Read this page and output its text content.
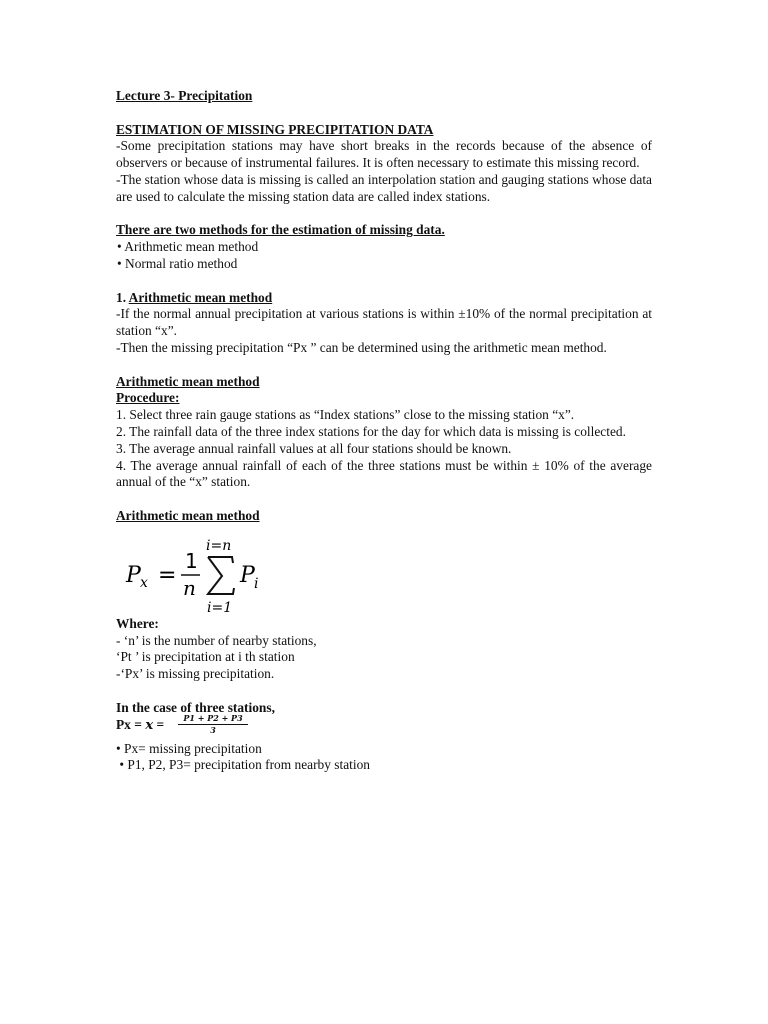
Lecture 3- Precipitation

ESTIMATION OF MISSING PRECIPITATION DATA

-Some precipitation stations may have short breaks in the records because of the absence of observers or because of instrumental failures. It is often necessary to estimate this missing record.

-The station whose data is missing is called an interpolation station and gauging stations whose data are used to calculate the missing station data are called index stations.

There are two methods for the estimation of missing data.

• Arithmetic mean method

• Normal ratio method

1. Arithmetic mean method

-If the normal annual precipitation at various stations is within ±10% of the normal precipitation at station “x”.

-Then the missing precipitation “Px ” can be determined using the arithmetic mean method.

Arithmetic mean method

Procedure:

1. Select three rain gauge stations as “Index stations” close to the missing station “x”.

2. The rainfall data of the three index stations for the day for which data is missing is collected.

3. The average annual rainfall values at all four stations should be known.

4. The average annual rainfall of each of the three stations must be within ± 10% of the average annual of the “x” station.

Arithmetic mean method

P x =
1
n
i=n
i=1
P i

Where:

- ‘n’ is the number of nearby stations,

‘Pt ’ is precipitation at i th station

-‘Px’ is missing precipitation.

In the case of three stations,

$Px = x = \frac{P1 + P2 + P3}{3}$

• Px= missing precipitation

• P1, P2, P3= precipitation from nearby station
